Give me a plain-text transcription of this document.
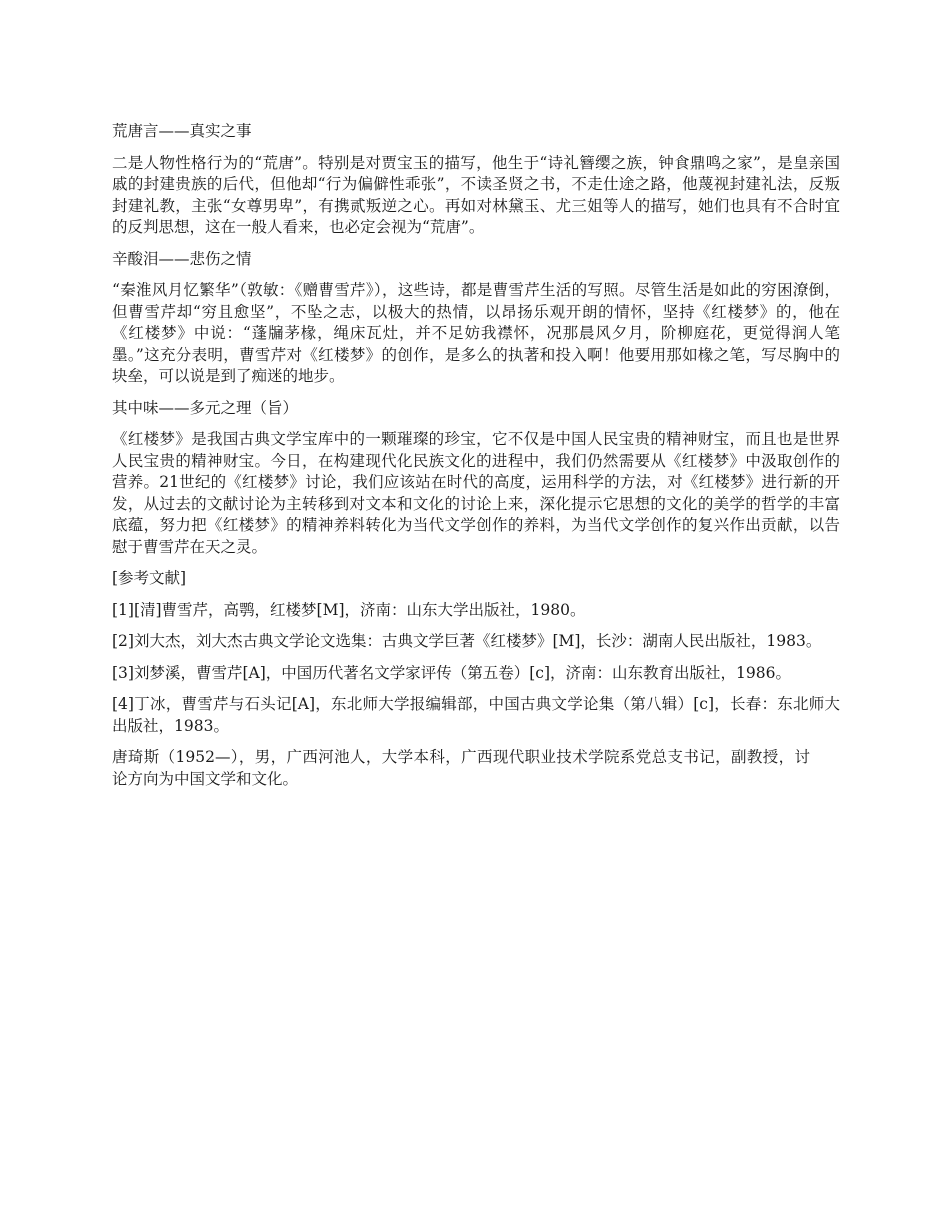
荒唐言——真实之事

二是人物性格行为的“荒唐”。特别是对贾宝玉的描写，他生于“诗礼簪缨之族，钟食鼎鸣之家”，是皇亲国戚的封建贵族的后代，但他却“行为偏僻性乖张”，不读圣贤之书，不走仕途之路，他蔑视封建礼法，反叛封建礼教，主张“女尊男卑”，有携贰叛逆之心。再如对林黛玉、尤三姐等人的描写，她们也具有不合时宜的反判思想，这在一般人看来，也必定会视为“荒唐”。

辛酸泪——悲伤之情

“秦淮风月忆繁华”（敦敏：《赠曹雪芹》），这些诗，都是曹雪芹生活的写照。尽管生活是如此的穷困潦倒，但曹雪芹却“穷且愈坚”，不坠之志，以极大的热情，以昂扬乐观开朗的情怀，坚持《红楼梦》的，他在《红楼梦》中说：“蓬牖茅椽，绳床瓦灶，并不足妨我襟怀，况那晨风夕月，阶柳庭花，更觉得润人笔墨。”这充分表明，曹雪芹对《红楼梦》的创作，是多么的执著和投入啊！他要用那如椽之笔，写尽胸中的块垒，可以说是到了痴迷的地步。

其中味——多元之理（旨）

《红楼梦》是我国古典文学宝库中的一颗璀璨的珍宝，它不仅是中国人民宝贵的精神财宝，而且也是世界人民宝贵的精神财宝。今日，在构建现代化民族文化的进程中，我们仍然需要从《红楼梦》中汲取创作的营养。21世纪的《红楼梦》讨论，我们应该站在时代的高度，运用科学的方法，对《红楼梦》进行新的开发，从过去的文献讨论为主转移到对文本和文化的讨论上来，深化提示它思想的文化的美学的哲学的丰富底蕴，努力把《红楼梦》的精神养料转化为当代文学创作的养料，为当代文学创作的复兴作出贡献，以告慰于曹雪芹在天之灵。

[参考文献]

[1][清]曹雪芹，高鹗，红楼梦[M]，济南：山东大学出版社，1980。

[2]刘大杰，刘大杰古典文学论文选集：古典文学巨著《红楼梦》[M]，长沙：湖南人民出版社，1983。

[3]刘梦溪，曹雪芹[A]，中国历代著名文学家评传（第五卷）[c]，济南：山东教育出版社，1986。

[4]丁冰，曹雪芹与石头记[A]，东北师大学报编辑部，中国古典文学论集（第八辑）[c]，长春：东北师大出版社，1983。

唐琦斯（1952—），男，广西河池人，大学本科，广西现代职业技术学院系党总支书记，副教授，讨论方向为中国文学和文化。
